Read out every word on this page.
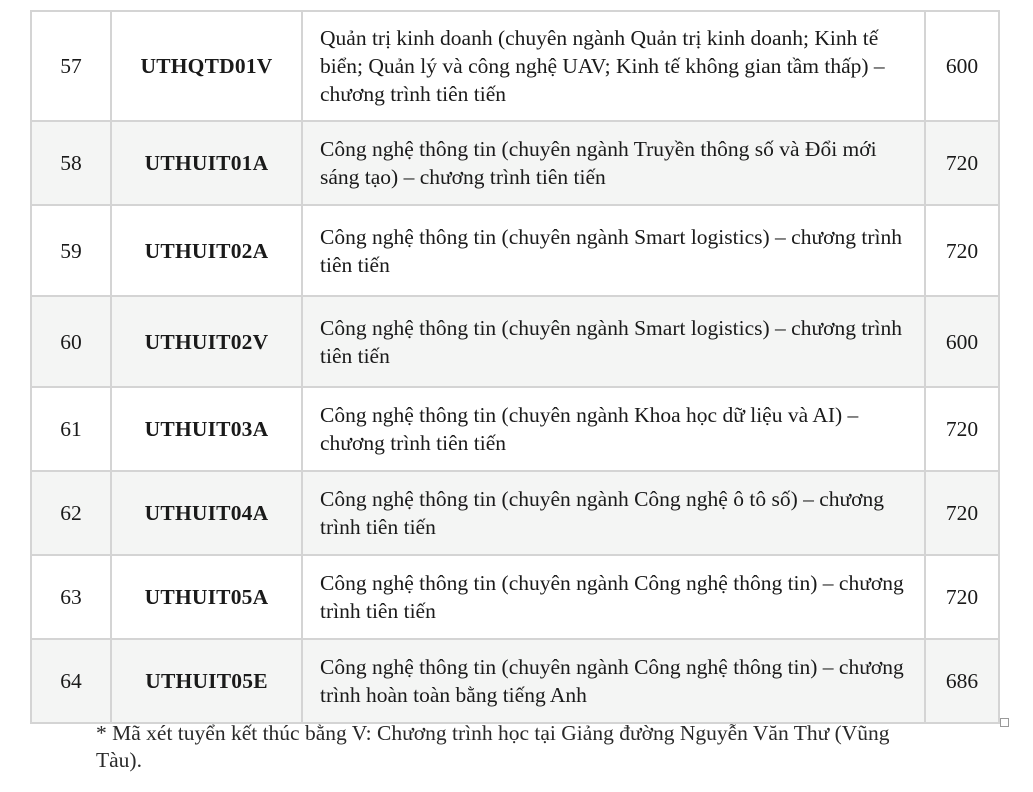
57	UTHQTD01V	Quản trị kinh doanh (chuyên ngành Quản trị kinh doanh; Kinh tế biển; Quản lý và công nghệ UAV; Kinh tế không gian tầm thấp) – chương trình tiên tiến	600
58	UTHUIT01A	Công nghệ thông tin (chuyên ngành Truyền thông số và Đổi mới sáng tạo) – chương trình tiên tiến	720
59	UTHUIT02A	Công nghệ thông tin (chuyên ngành Smart logistics) – chương trình tiên tiến	720
60	UTHUIT02V	Công nghệ thông tin (chuyên ngành Smart logistics) – chương trình tiên tiến	600
61	UTHUIT03A	Công nghệ thông tin (chuyên ngành Khoa học dữ liệu và AI) – chương trình tiên tiến	720
62	UTHUIT04A	Công nghệ thông tin (chuyên ngành Công nghệ ô tô số) – chương trình tiên tiến	720
63	UTHUIT05A	Công nghệ thông tin (chuyên ngành Công nghệ thông tin) – chương trình tiên tiến	720
64	UTHUIT05E	Công nghệ thông tin (chuyên ngành Công nghệ thông tin) – chương trình hoàn toàn bằng tiếng Anh	686
* Mã xét tuyển kết thúc bằng V: Chương trình học tại Giảng đường Nguyễn Văn Thư (Vũng Tàu).
